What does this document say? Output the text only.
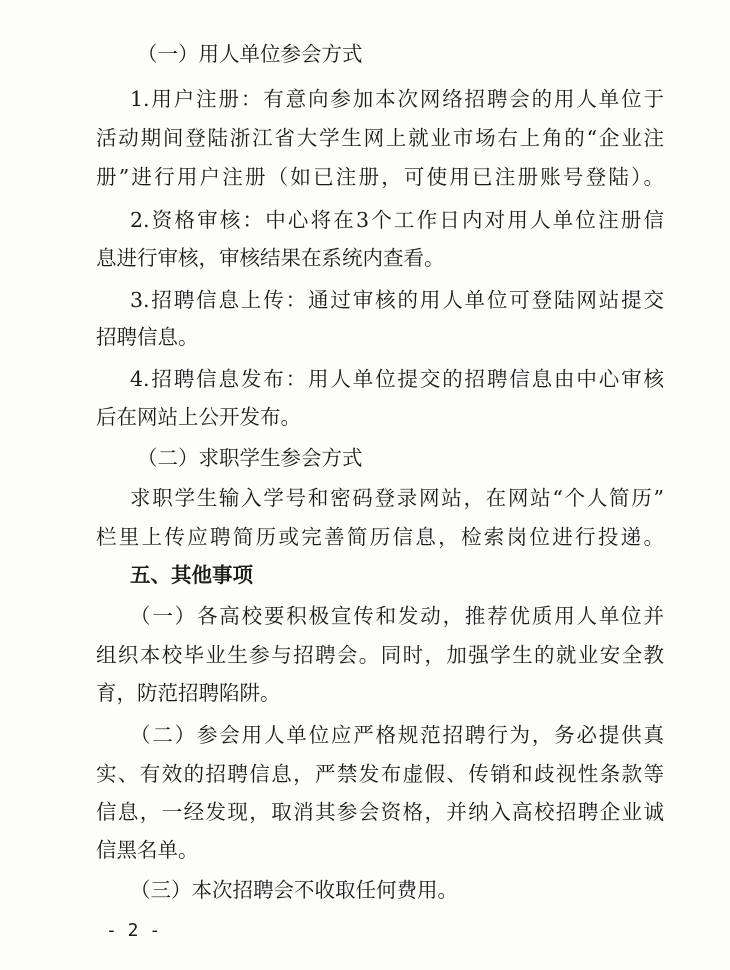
（一）用人单位参会方式
1.用户注册：有意向参加本次网络招聘会的用人单位于
活动期间登陆浙江省大学生网上就业市场右上角的“企业注
册”进行用户注册（如已注册，可使用已注册账号登陆）。
2.资格审核：中心将在3个工作日内对用人单位注册信
息进行审核，审核结果在系统内查看。
3.招聘信息上传：通过审核的用人单位可登陆网站提交
招聘信息。
4.招聘信息发布：用人单位提交的招聘信息由中心审核
后在网站上公开发布。
（二）求职学生参会方式
求职学生输入学号和密码登录网站，在网站“个人简历”
栏里上传应聘简历或完善简历信息，检索岗位进行投递。
五、其他事项
（一）各高校要积极宣传和发动，推荐优质用人单位并
组织本校毕业生参与招聘会。同时，加强学生的就业安全教
育，防范招聘陷阱。
（二）参会用人单位应严格规范招聘行为，务必提供真
实、有效的招聘信息，严禁发布虚假、传销和歧视性条款等
信息，一经发现，取消其参会资格，并纳入高校招聘企业诚
信黑名单。
（三）本次招聘会不收取任何费用。
- 2 -
